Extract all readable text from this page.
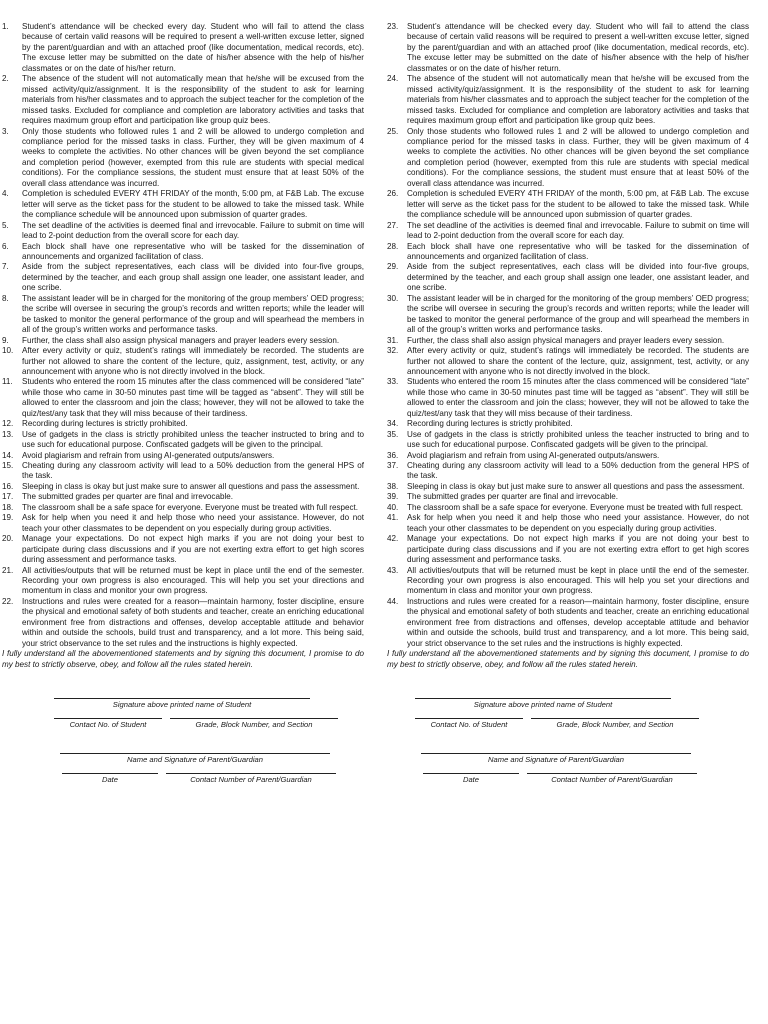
1.	Student’s attendance will be checked every day. Student who will fail to attend the class because of certain valid reasons will be required to present a well-written excuse letter, signed by the parent/guardian and with an attached proof (like documentation, medical records, etc). The excuse letter may be submitted on the date of his/her absence with the help of his/her classmates or on the date of his/her return.
2.	The absence of the student will not automatically mean that he/she will be excused from the missed activity/quiz/assignment. It is the responsibility of the student to ask for learning materials from his/her classmates and to approach the subject teacher for the completion of the missed tasks. Excluded for compliance and completion are laboratory activities and tasks that requires maximum group effort and participation like group quiz bees.
3.	Only those students who followed rules 1 and 2 will be allowed to undergo completion and compliance period for the missed tasks in class. Further, they will be given maximum of 4 weeks to complete the activities. No other chances will be given beyond the set compliance and completion period (however, exempted from this rule are students with special medical conditions). For the compliance sessions, the student must ensure that at least 50% of the overall class attendance was incurred.
4.	Completion is scheduled EVERY 4TH FRIDAY of the month, 5:00 pm, at F&B Lab. The excuse letter will serve as the ticket pass for the student to be allowed to take the missed task. While the compliance schedule will be announced upon submission of quarter grades.
5.	The set deadline of the activities is deemed final and irrevocable. Failure to submit on time will lead to 2-point deduction from the overall score for each day.
6.	Each block shall have one representative who will be tasked for the dissemination of announcements and organized facilitation of class.
7.	Aside from the subject representatives, each class will be divided into four-five groups, determined by the teacher, and each group shall assign one leader, one assistant leader, and one scribe.
8.	The assistant leader will be in charged for the monitoring of the group members’ OED progress; the scribe will oversee in securing the group’s records and written reports; while the leader will be tasked to monitor the general performance of the group and will spearhead the members in all of the group’s written works and performance tasks.
9.	Further, the class shall also assign physical managers and prayer leaders every session.
10.	After every activity or quiz, student’s ratings will immediately be recorded. The students are further not allowed to share the content of the lecture, quiz, assignment, test, activity, or any announcement with anyone who is not directly involved in the block.
11.	Students who entered the room 15 minutes after the class commenced will be considered “late” while those who came in 30-50 minutes past time will be tagged as “absent”. They will still be allowed to enter the classroom and join the class; however, they will not be allowed to take the quiz/test/any task that they will miss because of their tardiness.
12.	Recording during lectures is strictly prohibited.
13.	Use of gadgets in the class is strictly prohibited unless the teacher instructed to bring and to use such for educational purpose. Confiscated gadgets will be given to the principal.
14.	Avoid plagiarism and refrain from using AI-generated outputs/answers.
15.	Cheating during any classroom activity will lead to a 50% deduction from the general HPS of the task.
16.	Sleeping in class is okay but just make sure to answer all questions and pass the assessment.
17.	The submitted grades per quarter are final and irrevocable.
18.	The classroom shall be a safe space for everyone. Everyone must be treated with full respect.
19.	Ask for help when you need it and help those who need your assistance. However, do not teach your other classmates to be dependent on you especially during group activities.
20.	Manage your expectations. Do not expect high marks if you are not doing your best to participate during class discussions and if you are not exerting extra effort to get high scores during assessment and performance tasks.
21.	All activities/outputs that will be returned must be kept in place until the end of the semester. Recording your own progress is also encouraged. This will help you set your directions and momentum in class and monitor your own progress.
22.	Instructions and rules were created for a reason—maintain harmony, foster discipline, ensure the physical and emotional safety of both students and teacher, create an enriching educational environment free from distractions and offenses, develop acceptable attitude and behavior within and outside the schools, build trust and transparency, and a lot more. This being said, your strict observance to the set rules and the instructions is highly expected.

I fully understand all the abovementioned statements and by signing this document, I promise to do my best to strictly observe, obey, and follow all the rules stated herein.

Signature above printed name of Student
Contact No. of Student	Grade, Block Number, and Section
Name and Signature of Parent/Guardian
Date	Contact Number of Parent/Guardian
23.	Student’s attendance will be checked every day. Student who will fail to attend the class because of certain valid reasons will be required to present a well-written excuse letter, signed by the parent/guardian and with an attached proof (like documentation, medical records, etc). The excuse letter may be submitted on the date of his/her absence with the help of his/her classmates or on the date of his/her return.
24.	The absence of the student will not automatically mean that he/she will be excused from the missed activity/quiz/assignment. It is the responsibility of the student to ask for learning materials from his/her classmates and to approach the subject teacher for the completion of the missed tasks. Excluded for compliance and completion are laboratory activities and tasks that requires maximum group effort and participation like group quiz bees.
25.	Only those students who followed rules 1 and 2 will be allowed to undergo completion and compliance period for the missed tasks in class. Further, they will be given maximum of 4 weeks to complete the activities. No other chances will be given beyond the set compliance and completion period (however, exempted from this rule are students with special medical conditions). For the compliance sessions, the student must ensure that at least 50% of the overall class attendance was incurred.
26.	Completion is scheduled EVERY 4TH FRIDAY of the month, 5:00 pm, at F&B Lab. The excuse letter will serve as the ticket pass for the student to be allowed to take the missed task. While the compliance schedule will be announced upon submission of quarter grades.
27.	The set deadline of the activities is deemed final and irrevocable. Failure to submit on time will lead to 2-point deduction from the overall score for each day.
28.	Each block shall have one representative who will be tasked for the dissemination of announcements and organized facilitation of class.
29.	Aside from the subject representatives, each class will be divided into four-five groups, determined by the teacher, and each group shall assign one leader, one assistant leader, and one scribe.
30.	The assistant leader will be in charged for the monitoring of the group members’ OED progress; the scribe will oversee in securing the group’s records and written reports; while the leader will be tasked to monitor the general performance of the group and will spearhead the members in all of the group’s written works and performance tasks.
31.	Further, the class shall also assign physical managers and prayer leaders every session.
32.	After every activity or quiz, student’s ratings will immediately be recorded. The students are further not allowed to share the content of the lecture, quiz, assignment, test, activity, or any announcement with anyone who is not directly involved in the block.
33.	Students who entered the room 15 minutes after the class commenced will be considered “late” while those who came in 30-50 minutes past time will be tagged as “absent”. They will still be allowed to enter the classroom and join the class; however, they will not be allowed to take the quiz/test/any task that they will miss because of their tardiness.
34.	Recording during lectures is strictly prohibited.
35.	Use of gadgets in the class is strictly prohibited unless the teacher instructed to bring and to use such for educational purpose. Confiscated gadgets will be given to the principal.
36.	Avoid plagiarism and refrain from using AI-generated outputs/answers.
37.	Cheating during any classroom activity will lead to a 50% deduction from the general HPS of the task.
38.	Sleeping in class is okay but just make sure to answer all questions and pass the assessment.
39.	The submitted grades per quarter are final and irrevocable.
40.	The classroom shall be a safe space for everyone. Everyone must be treated with full respect.
41.	Ask for help when you need it and help those who need your assistance. However, do not teach your other classmates to be dependent on you especially during group activities.
42.	Manage your expectations. Do not expect high marks if you are not doing your best to participate during class discussions and if you are not exerting extra effort to get high scores during assessment and performance tasks.
43.	All activities/outputs that will be returned must be kept in place until the end of the semester. Recording your own progress is also encouraged. This will help you set your directions and momentum in class and monitor your own progress.
44.	Instructions and rules were created for a reason—maintain harmony, foster discipline, ensure the physical and emotional safety of both students and teacher, create an enriching educational environment free from distractions and offenses, develop acceptable attitude and behavior within and outside the schools, build trust and transparency, and a lot more. This being said, your strict observance to the set rules and the instructions is highly expected.

I fully understand all the abovementioned statements and by signing this document, I promise to do my best to strictly observe, obey, and follow all the rules stated herein.

Signature above printed name of Student
Contact No. of Student	Grade, Block Number, and Section
Name and Signature of Parent/Guardian
Date	Contact Number of Parent/Guardian
